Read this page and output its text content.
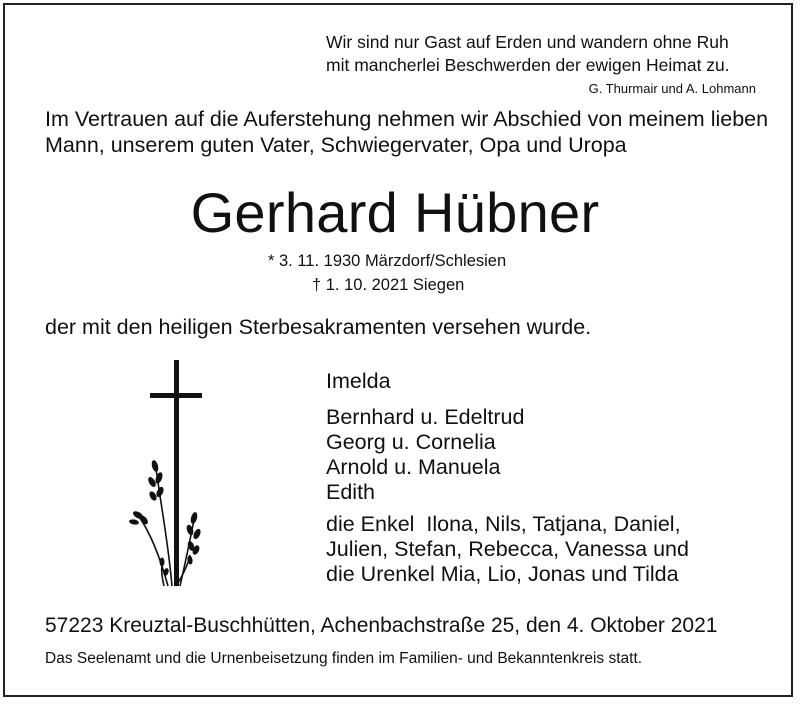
Wir sind nur Gast auf Erden und wandern ohne Ruh
mit mancherlei Beschwerden der ewigen Heimat zu.
G. Thurmair und A. Lohmann
Im Vertrauen auf die Auferstehung nehmen wir Abschied von meinem lieben
Mann, unserem guten Vater, Schwiegervater, Opa und Uropa
Gerhard Hübner
* 3. 11. 1930 Märzdorf/Schlesien
† 1. 10. 2021 Siegen
der mit den heiligen Sterbesakramenten versehen wurde.
Imelda
Bernhard u. Edeltrud
Georg u. Cornelia
Arnold u. Manuela
Edith
die Enkel  Ilona, Nils, Tatjana, Daniel,
Julien, Stefan, Rebecca, Vanessa und
die Urenkel Mia, Lio, Jonas und Tilda
57223 Kreuztal-Buschhütten, Achenbachstraße 25, den 4. Oktober 2021
Das Seelenamt und die Urnenbeisetzung finden im Familien- und Bekanntenkreis statt.
